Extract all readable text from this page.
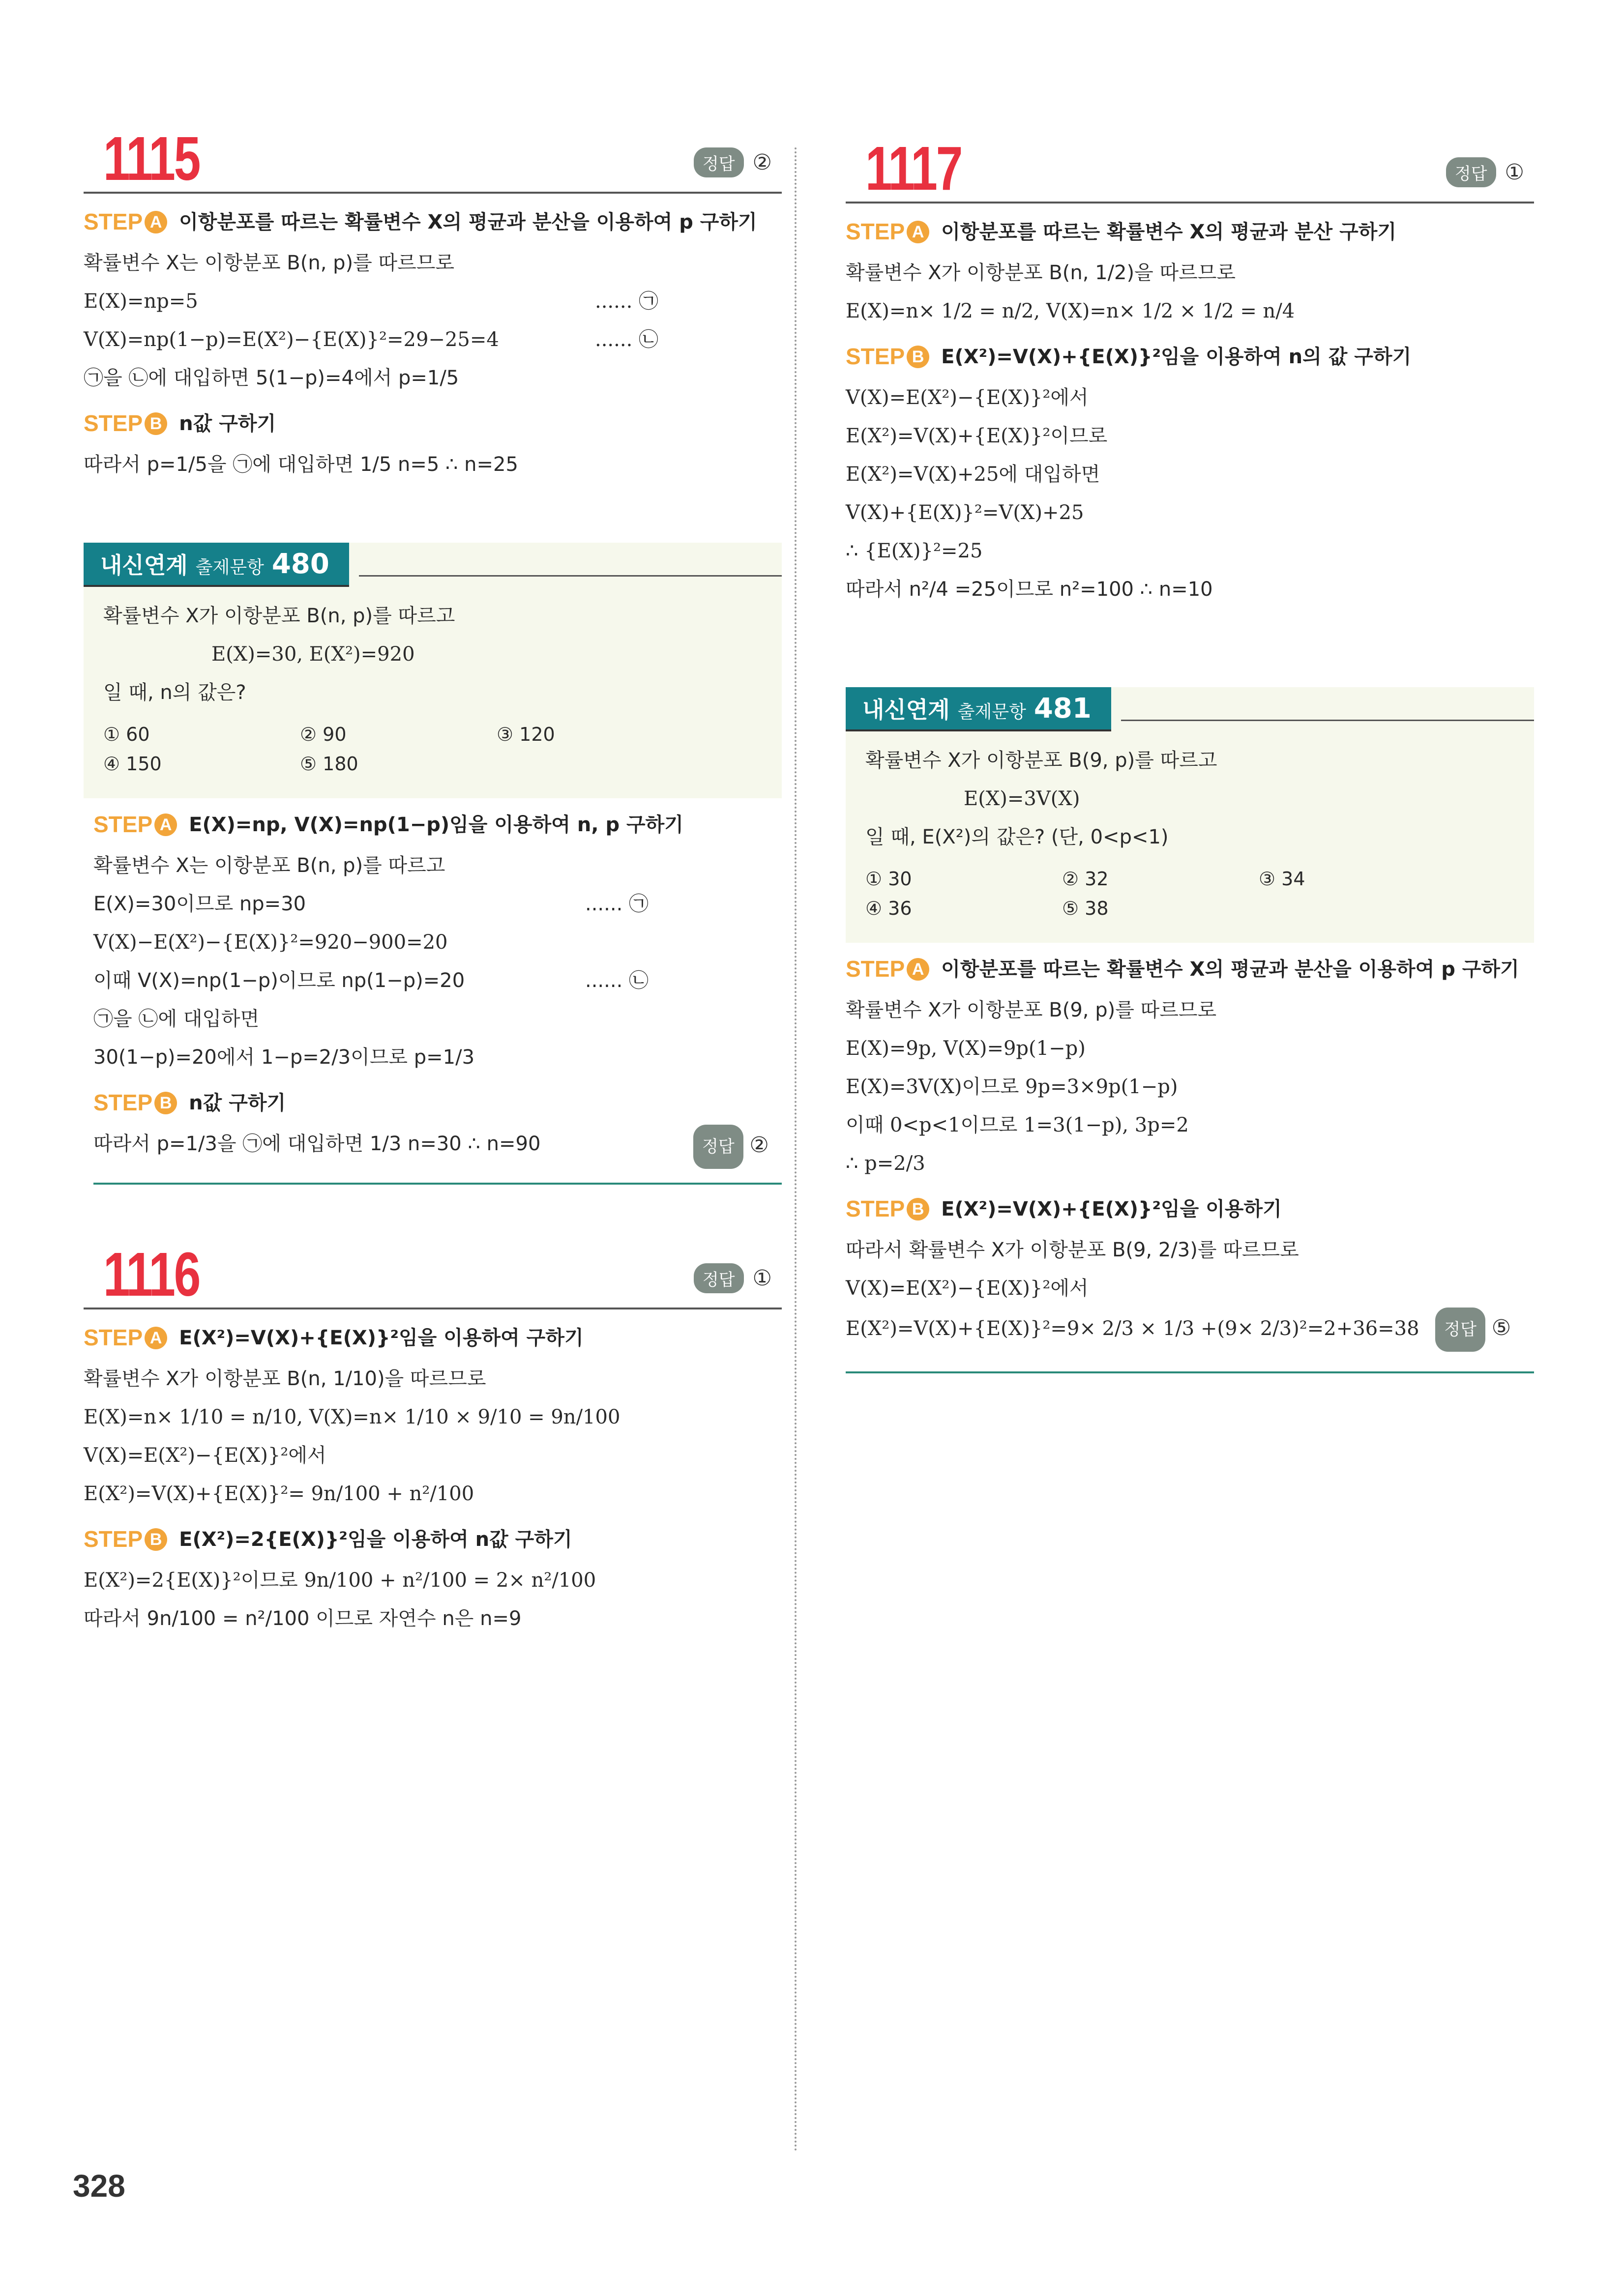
1115	정답 ②
STEP A 이항분포를 따르는 확률변수 X의 평균과 분산을 이용하여 p 구하기
확률변수 X는 이항분포 B(n, p)를 따르므로
E(X)=np=5	...... ㉠
V(X)=np(1−p)=E(X²)−{E(X)}²=29−25=4	...... ㉡
㉠을 ㉡에 대입하면 5(1−p)=4에서 p=1/5
STEP B n값 구하기
따라서 p=1/5을 ㉠에 대입하면 1/5 n=5 ∴ n=25
내신연계 출제문항 480
확률변수 X가 이항분포 B(n, p)를 따르고
E(X)=30, E(X²)=920
일 때, n의 값은?
① 60	② 90	③ 120
④ 150	⑤ 180
STEP A E(X)=np, V(X)=np(1−p)임을 이용하여 n, p 구하기
확률변수 X는 이항분포 B(n, p)를 따르고
E(X)=30이므로 np=30	...... ㉠
V(X)−E(X²)−{E(X)}²=920−900=20
이때 V(X)=np(1−p)이므로 np(1−p)=20	...... ㉡
㉠을 ㉡에 대입하면
30(1−p)=20에서 1−p=2/3이므로 p=1/3
STEP B n값 구하기
따라서 p=1/3을 ㉠에 대입하면 1/3 n=30 ∴ n=90	정답 ②
1116	정답 ①
STEP A E(X²)=V(X)+{E(X)}²임을 이용하여 구하기
확률변수 X가 이항분포 B(n, 1/10)을 따르므로
E(X)=n× 1/10 = n/10, V(X)=n× 1/10 × 9/10 = 9n/100
V(X)=E(X²)−{E(X)}²에서
E(X²)=V(X)+{E(X)}²= 9n/100 + n²/100
STEP B E(X²)=2{E(X)}²임을 이용하여 n값 구하기
E(X²)=2{E(X)}²이므로 9n/100 + n²/100 = 2× n²/100
따라서 9n/100 = n²/100 이므로 자연수 n은 n=9
1117	정답 ①
STEP A 이항분포를 따르는 확률변수 X의 평균과 분산 구하기
확률변수 X가 이항분포 B(n, 1/2)을 따르므로
E(X)=n× 1/2 = n/2, V(X)=n× 1/2 × 1/2 = n/4
STEP B E(X²)=V(X)+{E(X)}²임을 이용하여 n의 값 구하기
V(X)=E(X²)−{E(X)}²에서
E(X²)=V(X)+{E(X)}²이므로
E(X²)=V(X)+25에 대입하면
V(X)+{E(X)}²=V(X)+25
∴ {E(X)}²=25
따라서 n²/4 =25이므로 n²=100 ∴ n=10
내신연계 출제문항 481
확률변수 X가 이항분포 B(9, p)를 따르고
E(X)=3V(X)
일 때, E(X²)의 값은? (단, 0<p<1)
① 30	② 32	③ 34
④ 36	⑤ 38
STEP A 이항분포를 따르는 확률변수 X의 평균과 분산을 이용하여 p 구하기
확률변수 X가 이항분포 B(9, p)를 따르므로
E(X)=9p, V(X)=9p(1−p)
E(X)=3V(X)이므로 9p=3×9p(1−p)
이때 0<p<1이므로 1=3(1−p), 3p=2
∴ p=2/3
STEP B E(X²)=V(X)+{E(X)}²임을 이용하기
따라서 확률변수 X가 이항분포 B(9, 2/3)를 따르므로
V(X)=E(X²)−{E(X)}²에서
E(X²)=V(X)+{E(X)}²=9× 2/3 × 1/3 +(9× 2/3)²=2+36=38 정답 ⑤
328
